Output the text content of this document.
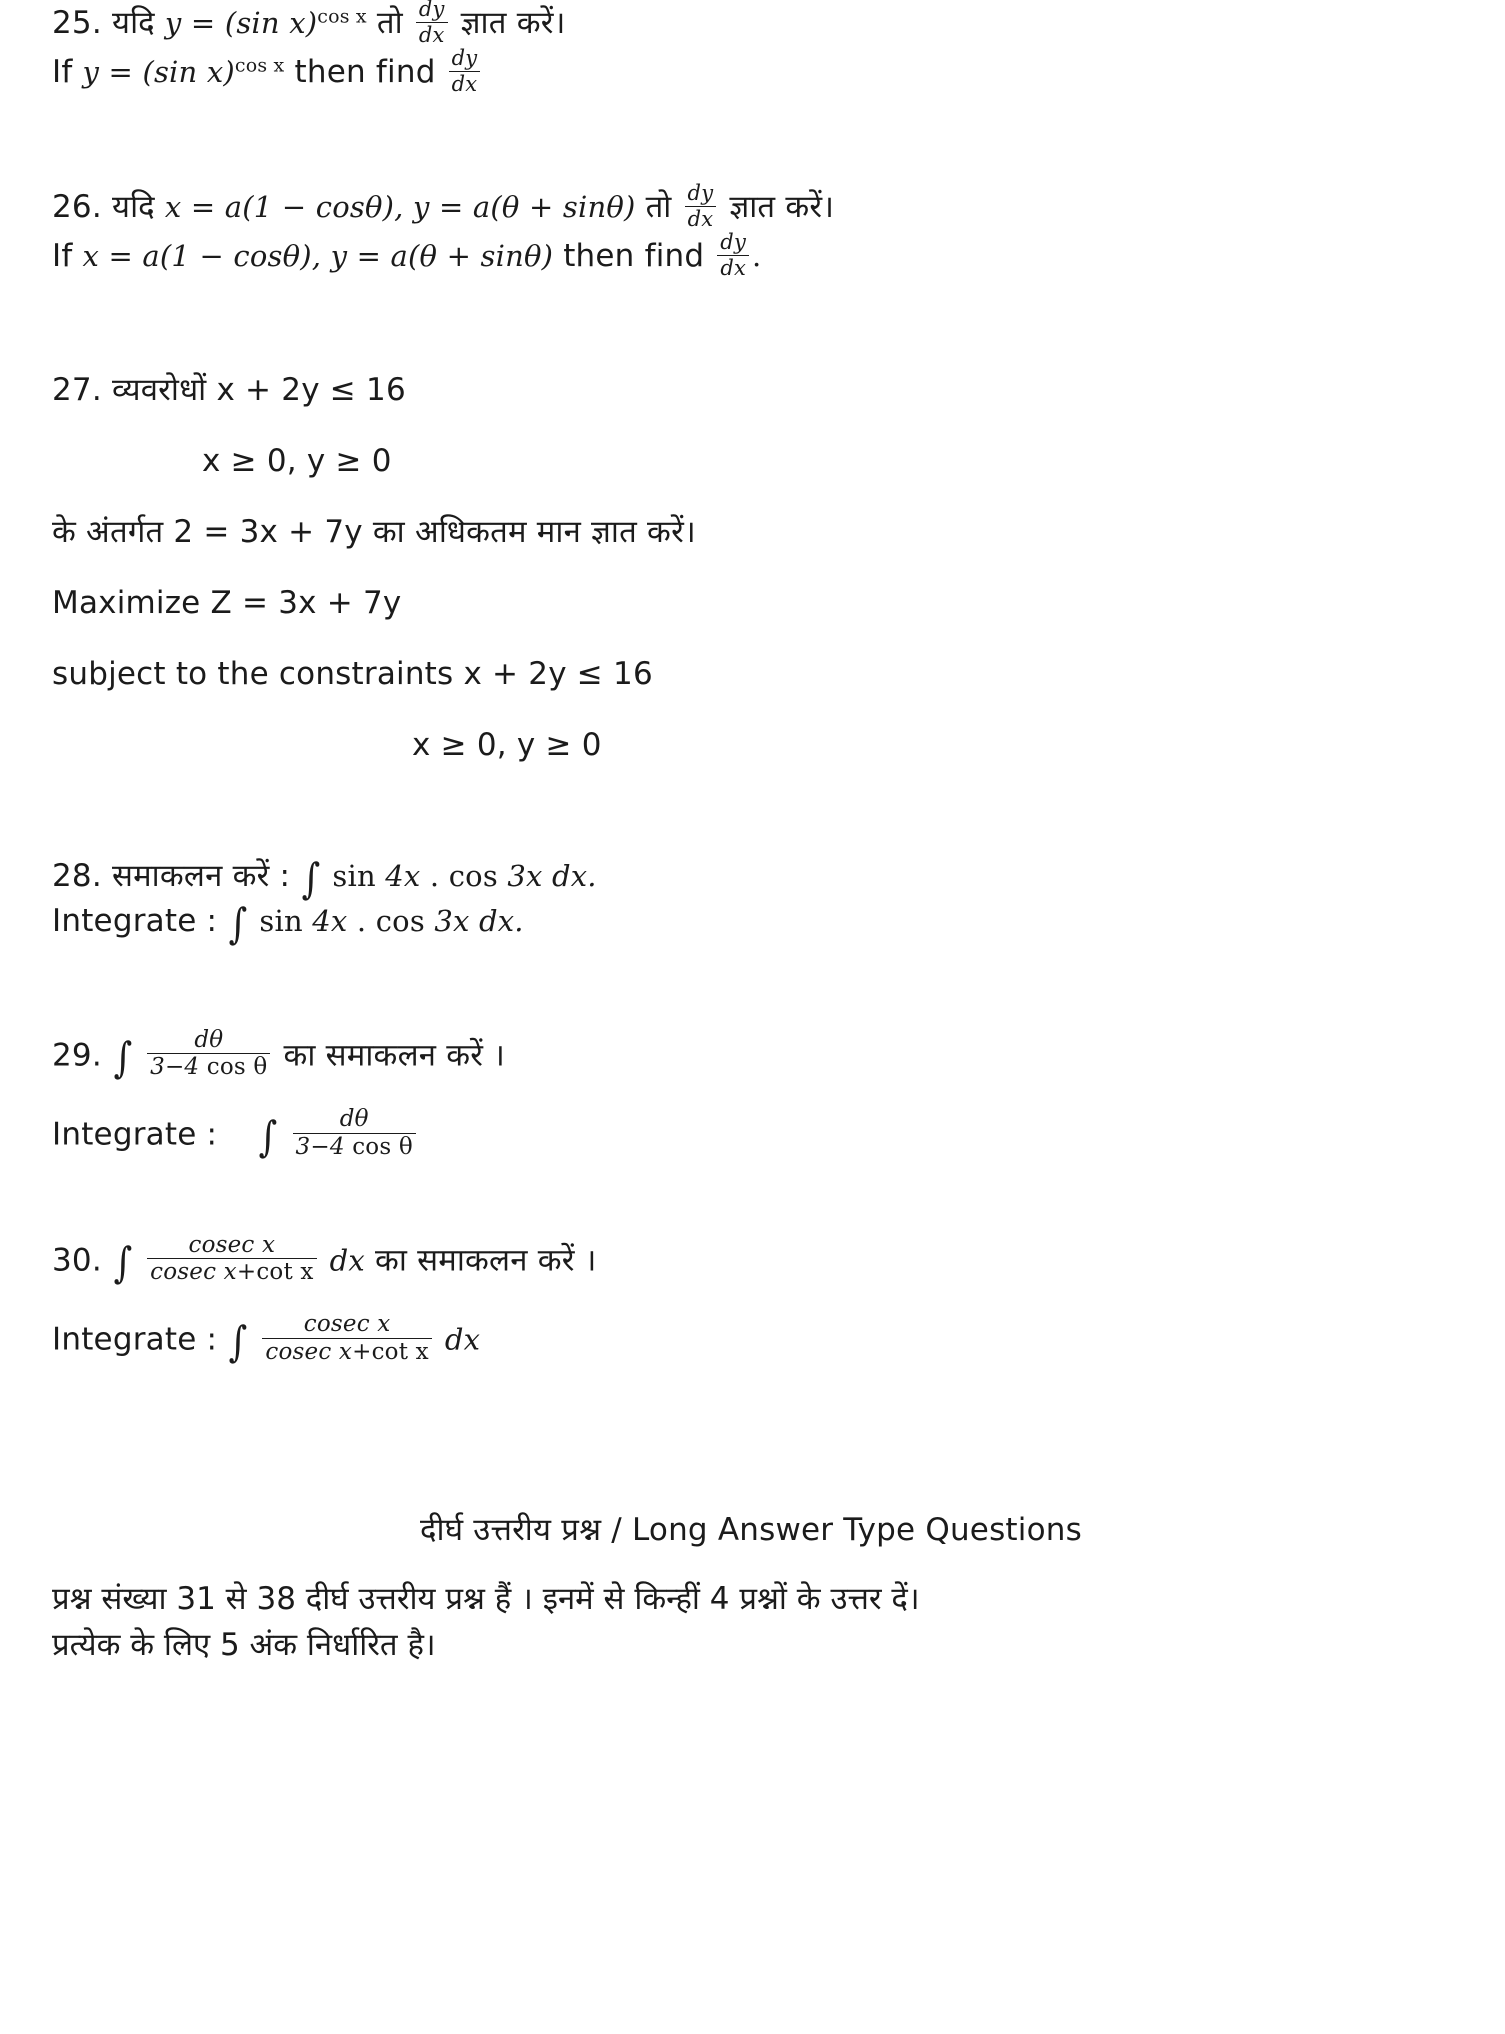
25. यदि y = (sin x)$^{cos x}$ तो $\frac{dy}{dx}$ ज्ञात करें।
If y = (sin x)$^{cos x}$ then find $\frac{dy}{dx}$
26. यदि x = a(1 − cosθ), y = a(θ + sinθ) तो $\frac{dy}{dx}$ ज्ञात करें।
If x = a(1 − cosθ), y = a(θ + sinθ) then find $\frac{dy}{dx}$ .
27. व्यवरोधों x + 2y ≤ 16
x ≥ 0, y ≥ 0
के अंतर्गत 2 = 3x + 7y का अधिकतम मान ज्ञात करें।
Maximize Z = 3x + 7y
subject to the constraints x + 2y ≤ 16
x ≥ 0, y ≥ 0
28. समाकलन करें : ∫ sin 4x . cos 3x dx.
Integrate : ∫ sin 4x . cos 3x dx.
29. ∫ $\frac{d\theta}{\text{3−4 cos θ}}$ का समाकलन करें ।
Integrate : ∫ $\frac{d\theta}{\text{3−4 cos θ}}$
30. ∫ $\frac{\text{cosec x}}{\text{cosec x+cot x}}$ dx का समाकलन करें ।
Integrate : ∫ $\frac{\text{cosec x}}{\text{cosec x+cot x}}$ dx
दीर्घ उत्तरीय प्रश्न / Long Answer Type Questions
प्रश्न संख्या 31 से 38 दीर्घ उत्तरीय प्रश्न हैं । इनमें से किन्हीं 4 प्रश्नों के उत्तर दें।
प्रत्येक के लिए 5 अंक निर्धारित है।
